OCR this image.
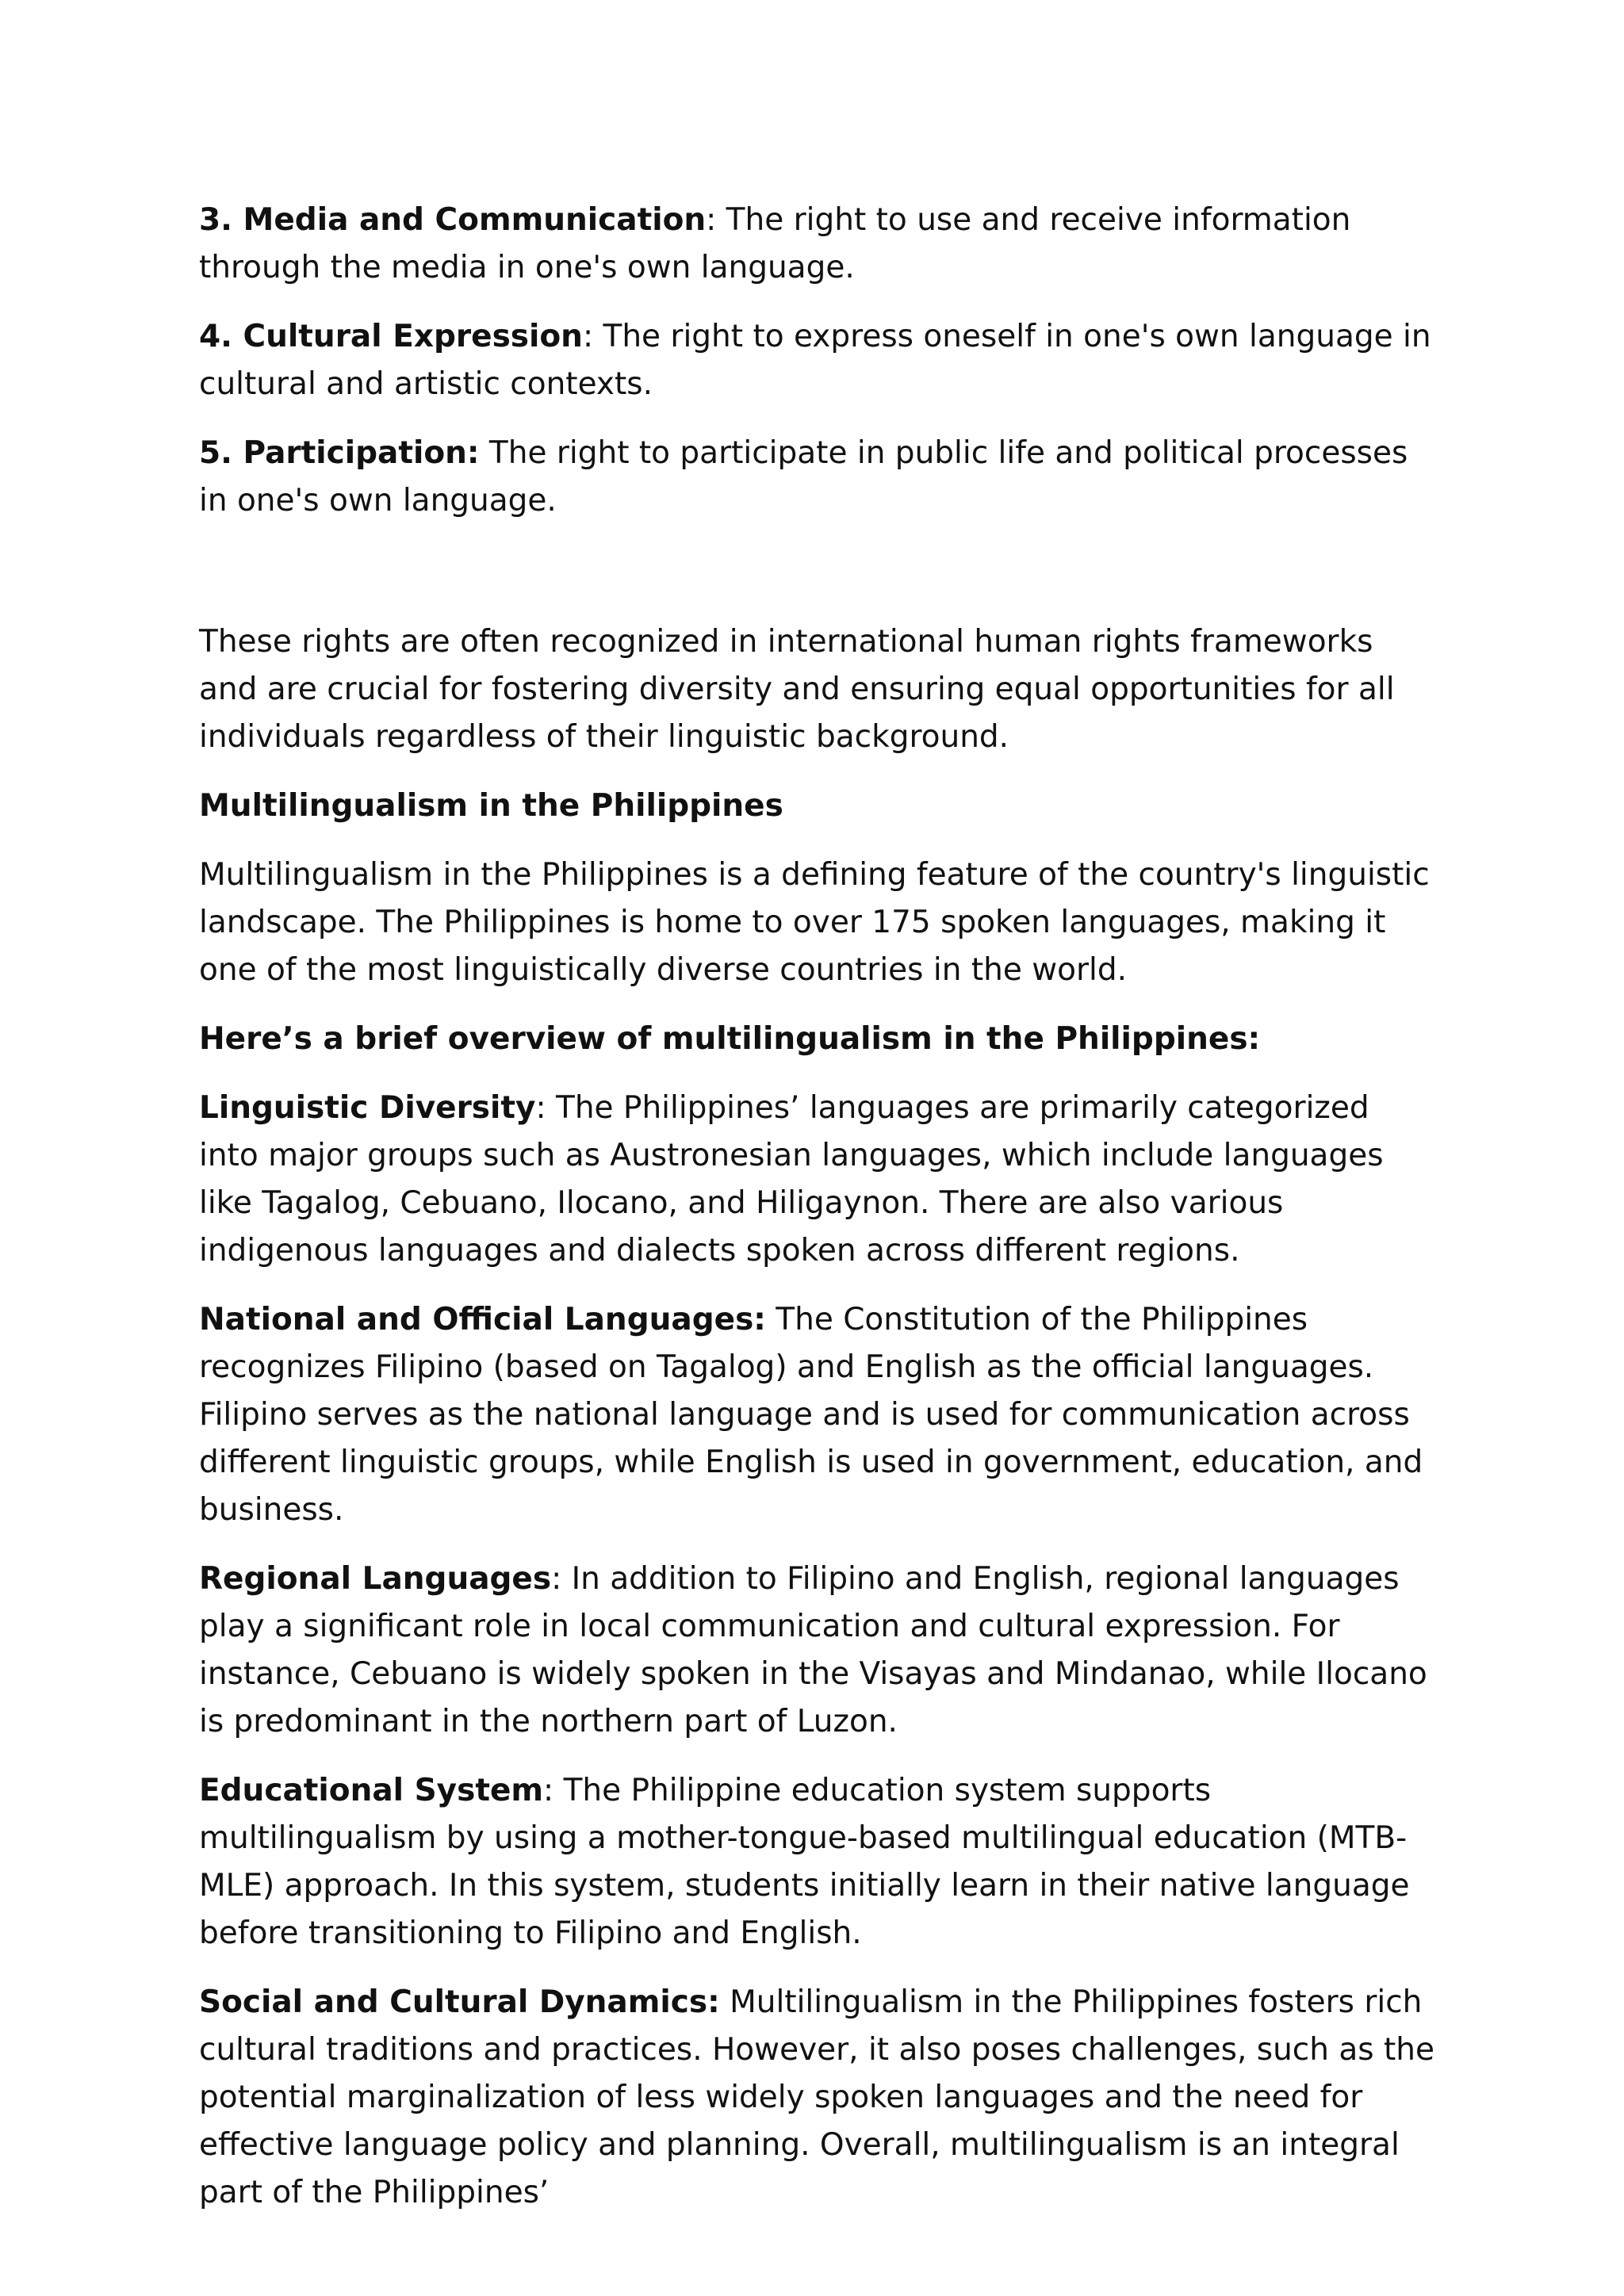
3. Media and Communication: The right to use and receive information through the media in one's own language.

4. Cultural Expression: The right to express oneself in one's own language in cultural and artistic contexts.

5. Participation: The right to participate in public life and political processes in one's own language.

These rights are often recognized in international human rights frameworks and are crucial for fostering diversity and ensuring equal opportunities for all individuals regardless of their linguistic background.

Multilingualism in the Philippines

Multilingualism in the Philippines is a defining feature of the country's linguistic landscape. The Philippines is home to over 175 spoken languages, making it one of the most linguistically diverse countries in the world.

Here’s a brief overview of multilingualism in the Philippines:

Linguistic Diversity: The Philippines’ languages are primarily categorized into major groups such as Austronesian languages, which include languages like Tagalog, Cebuano, Ilocano, and Hiligaynon. There are also various indigenous languages and dialects spoken across different regions.

National and Official Languages: The Constitution of the Philippines recognizes Filipino (based on Tagalog) and English as the official languages. Filipino serves as the national language and is used for communication across different linguistic groups, while English is used in government, education, and business.

Regional Languages: In addition to Filipino and English, regional languages play a significant role in local communication and cultural expression. For instance, Cebuano is widely spoken in the Visayas and Mindanao, while Ilocano is predominant in the northern part of Luzon.

Educational System: The Philippine education system supports multilingualism by using a mother-tongue-based multilingual education (MTB-MLE) approach. In this system, students initially learn in their native language before transitioning to Filipino and English.

Social and Cultural Dynamics: Multilingualism in the Philippines fosters rich cultural traditions and practices. However, it also poses challenges, such as the potential marginalization of less widely spoken languages and the need for effective language policy and planning. Overall, multilingualism is an integral part of the Philippines’
